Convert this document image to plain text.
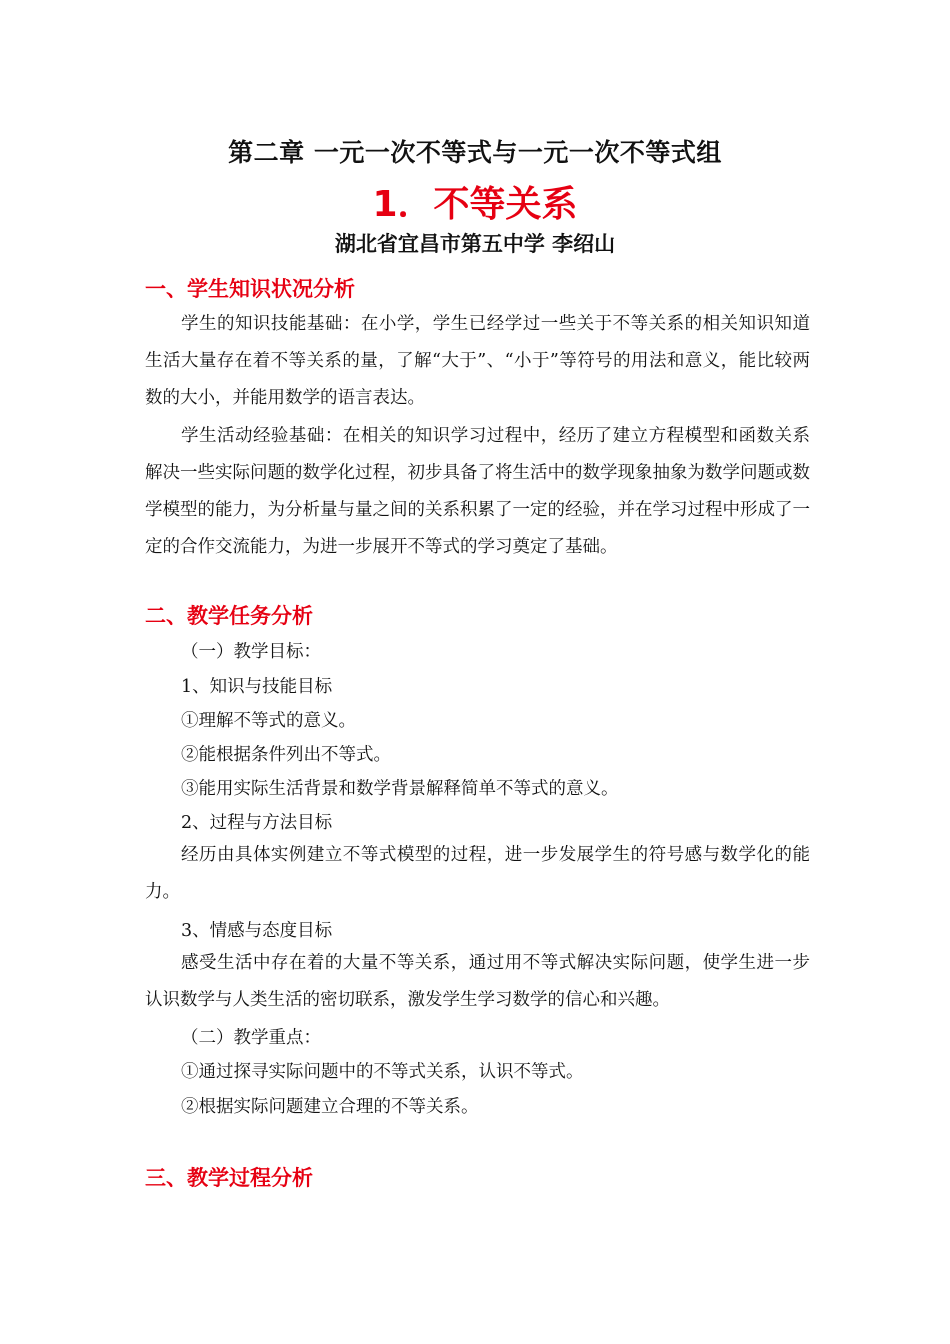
第二章 一元一次不等式与一元一次不等式组
1．不等关系
湖北省宜昌市第五中学 李绍山
一、学生知识状况分析

学生的知识技能基础：在小学，学生已经学过一些关于不等关系的相关知识知道生活大量存在着不等关系的量，了解“大于”、“小于”等符号的用法和意义，能比较两数的大小，并能用数学的语言表达。

学生活动经验基础：在相关的知识学习过程中，经历了建立方程模型和函数关系解决一些实际问题的数学化过程，初步具备了将生活中的数学现象抽象为数学问题或数学模型的能力，为分析量与量之间的关系积累了一定的经验，并在学习过程中形成了一定的合作交流能力，为进一步展开不等式的学习奠定了基础。

二、教学任务分析
（一）教学目标：
1、知识与技能目标
①理解不等式的意义。
②能根据条件列出不等式。
③能用实际生活背景和数学背景解释简单不等式的意义。
2、过程与方法目标

经历由具体实例建立不等式模型的过程，进一步发展学生的符号感与数学化的能力。

3、情感与态度目标

感受生活中存在着的大量不等关系，通过用不等式解决实际问题，使学生进一步认识数学与人类生活的密切联系，激发学生学习数学的信心和兴趣。

（二）教学重点：
①通过探寻实际问题中的不等式关系，认识不等式。
②根据实际问题建立合理的不等关系。
三、教学过程分析
